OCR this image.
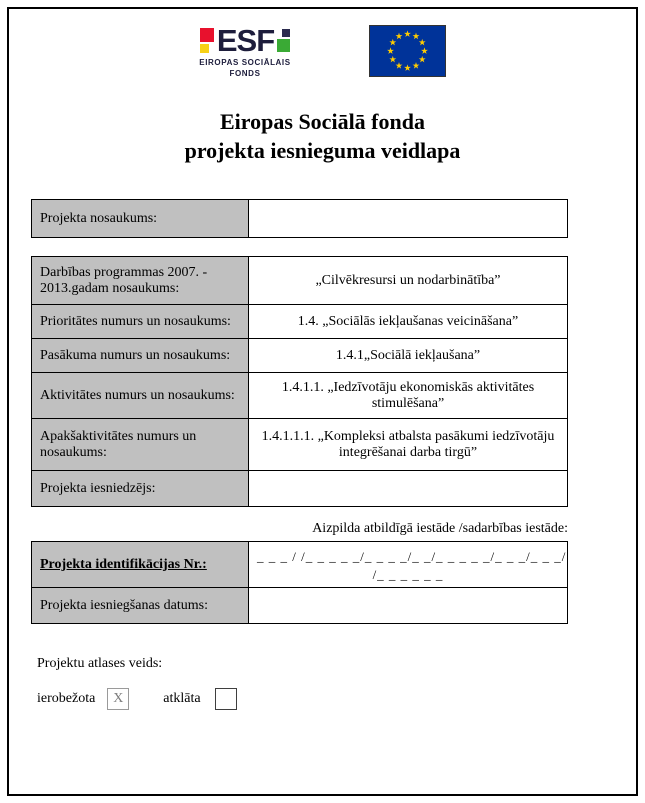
ESF
EIROPAS SOCIĀLAIS
FONDS
Eiropas Sociālā fonda
projekta iesnieguma veidlapa
Projekta nosaukums:	
Darbības programmas 2007. - 2013.gadam nosaukums:	„Cilvēkresursi un nodarbinātība”
Prioritātes numurs un nosaukums:	1.4. „Sociālās iekļaušanas veicināšana”
Pasākuma numurs un nosaukums:	1.4.1„Sociālā iekļaušana”
Aktivitātes numurs un nosaukums:	1.4.1.1. „Iedzīvotāju ekonomiskās aktivitātes stimulēšana”
Apakšaktivitātes numurs un nosaukums:	1.4.1.1.1. „Kompleksi atbalsta pasākumi iedzīvotāju integrēšanai darba tirgū”
Projekta iesniedzējs:	
Aizpilda atbildīgā iestāde /sadarbības iestāde:
Projekta identifikācijas Nr.:	_ _ _ / /_ _ _ _ _/_ _ _ _/_ _/_ _ _ _ _/_ _ _/_ _ _/
/_ _ _ _ _ _

Projekta iesniegšanas datums:	
Projektu atlases veids:
ierobežota	X	atklāta
